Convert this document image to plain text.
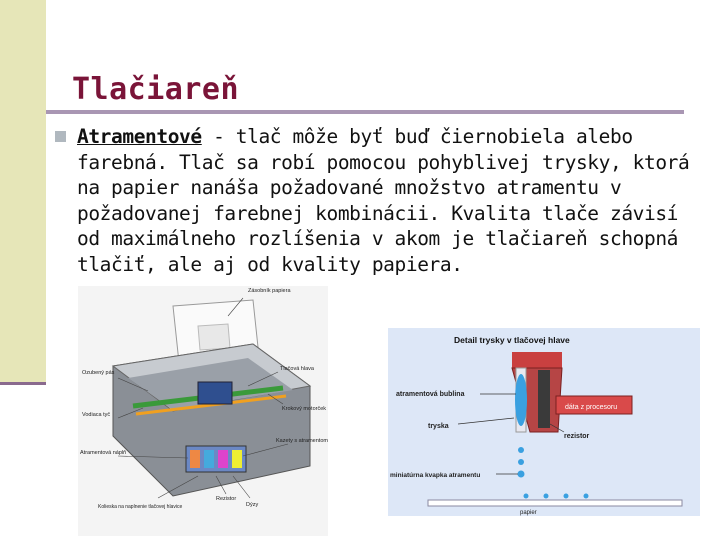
Tlačiareň
Atramentové - tlač môže byť buď čiernobiela alebo farebná. Tlač sa robí pomocou pohyblivej trysky, ktorá na papier nanáša požadované množstvo atramentu v požadovanej farebnej kombinácii. Kvalita tlače závisí od maximálneho rozlíšenia v akom je tlačiareň schopná tlačiť, ale aj od kvality papiera.
Zásobník papiera
Ozubený pás
Tlačová hlava
Vodiaca tyč
Krokový motorček
Atramentová náplň
Kazety s atramentom
Kolieska na naplnenie tlačovej hlavice
Rezistor
Dýzy
Detail trysky v tlačovej hlave
dáta z procesoru
atramentová bublina
tryska
rezistor
miniatúrna kvapka atramentu
papier
